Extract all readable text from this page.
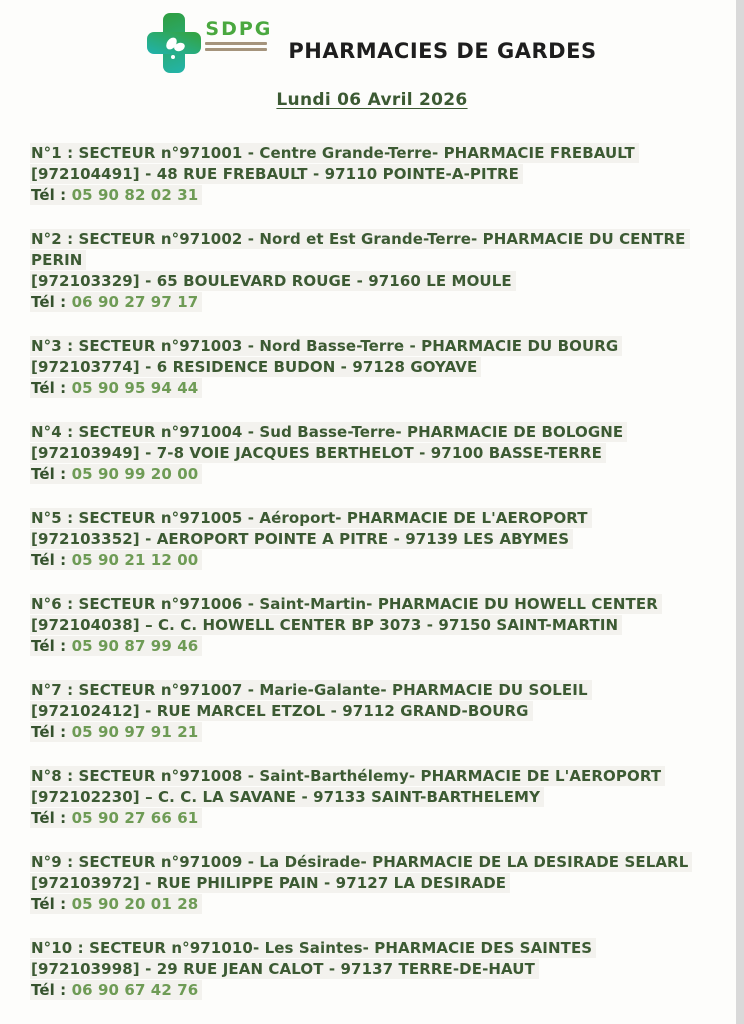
SDPG
PHARMACIES DE GARDES
Lundi 06 Avril 2026
N°1 : SECTEUR n°971001 - Centre Grande-Terre- PHARMACIE FREBAULT
[972104491] - 48 RUE FREBAULT - 97110 POINTE-A-PITRE
Tél : 05 90 82 02 31
N°2 : SECTEUR n°971002 - Nord et Est Grande-Terre- PHARMACIE DU CENTRE PERIN
[972103329] - 65 BOULEVARD ROUGE - 97160 LE MOULE
Tél : 06 90 27 97 17
N°3 : SECTEUR n°971003 - Nord Basse-Terre - PHARMACIE DU BOURG
[972103774] - 6 RESIDENCE BUDON - 97128 GOYAVE
Tél : 05 90 95 94 44
N°4 : SECTEUR n°971004 - Sud Basse-Terre- PHARMACIE DE BOLOGNE
[972103949] - 7-8 VOIE JACQUES BERTHELOT - 97100 BASSE-TERRE
Tél : 05 90 99 20 00
N°5 : SECTEUR n°971005 - Aéroport- PHARMACIE DE L'AEROPORT
[972103352] - AEROPORT POINTE A PITRE - 97139 LES ABYMES
Tél : 05 90 21 12 00
N°6 : SECTEUR n°971006 - Saint-Martin- PHARMACIE DU HOWELL CENTER
[972104038] – C. C. HOWELL CENTER BP 3073 - 97150 SAINT-MARTIN
Tél : 05 90 87 99 46
N°7 : SECTEUR n°971007 - Marie-Galante- PHARMACIE DU SOLEIL
[972102412] - RUE MARCEL ETZOL - 97112 GRAND-BOURG
Tél : 05 90 97 91 21
N°8 : SECTEUR n°971008 - Saint-Barthélemy- PHARMACIE DE L'AEROPORT
[972102230] – C. C. LA SAVANE - 97133 SAINT-BARTHELEMY
Tél : 05 90 27 66 61
N°9 : SECTEUR n°971009 - La Désirade- PHARMACIE DE LA DESIRADE SELARL
[972103972] - RUE PHILIPPE PAIN - 97127 LA DESIRADE
Tél : 05 90 20 01 28
N°10 : SECTEUR n°971010- Les Saintes- PHARMACIE DES SAINTES
[972103998] - 29 RUE JEAN CALOT - 97137 TERRE-DE-HAUT
Tél : 06 90 67 42 76
